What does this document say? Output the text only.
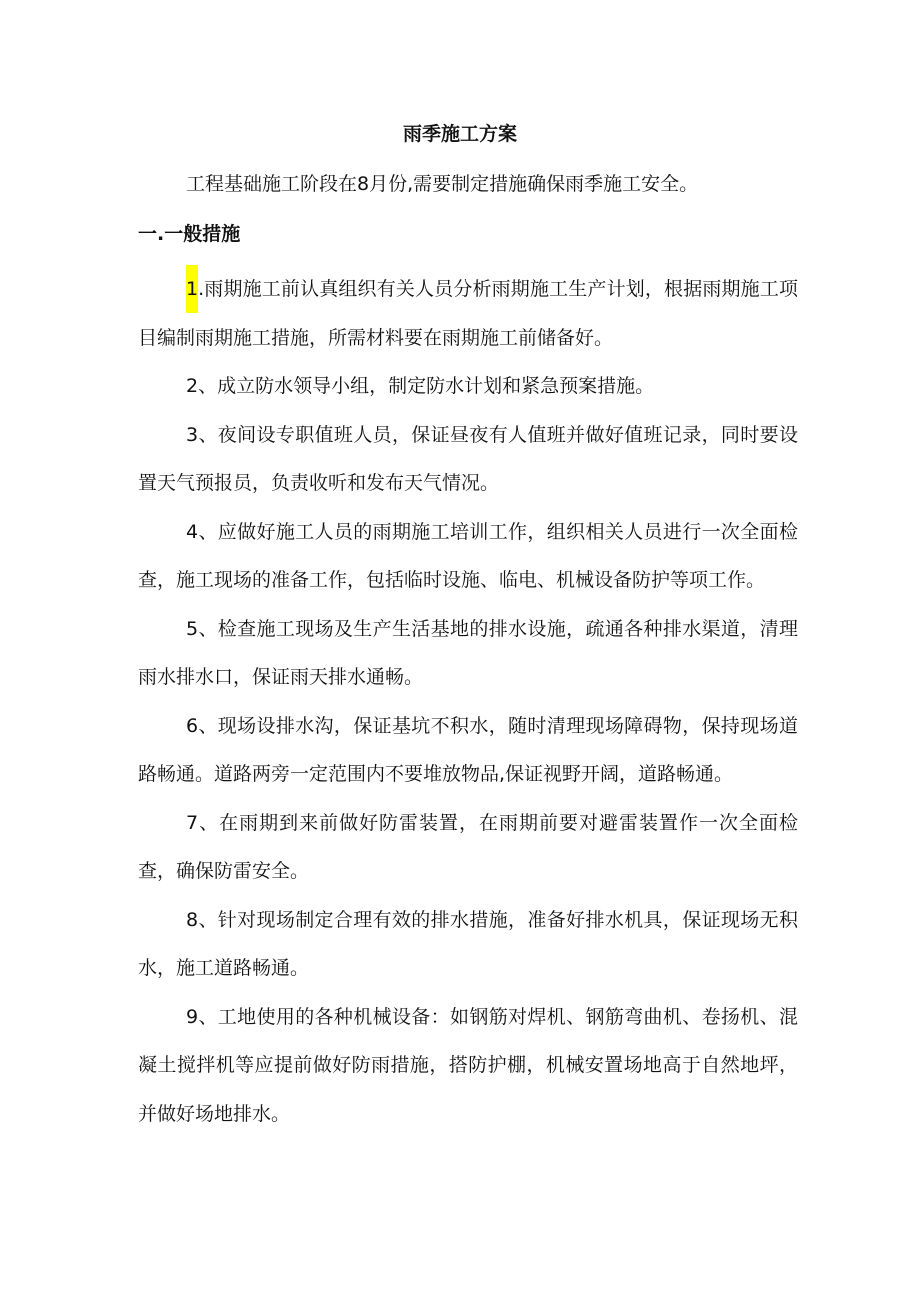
雨季施工方案

工程基础施工阶段在8月份,需要制定措施确保雨季施工安全。

一.一般措施

1.雨期施工前认真组织有关人员分析雨期施工生产计划，根据雨期施工项目编制雨期施工措施，所需材料要在雨期施工前储备好。

2、成立防水领导小组，制定防水计划和紧急预案措施。

3、夜间设专职值班人员，保证昼夜有人值班并做好值班记录，同时要设置天气预报员，负责收听和发布天气情况。

4、应做好施工人员的雨期施工培训工作，组织相关人员进行一次全面检查，施工现场的准备工作，包括临时设施、临电、机械设备防护等项工作。

5、检查施工现场及生产生活基地的排水设施，疏通各种排水渠道，清理雨水排水口，保证雨天排水通畅。

6、现场设排水沟，保证基坑不积水，随时清理现场障碍物，保持现场道路畅通。道路两旁一定范围内不要堆放物品,保证视野开阔，道路畅通。

7、在雨期到来前做好防雷装置，在雨期前要对避雷装置作一次全面检查，确保防雷安全。

8、针对现场制定合理有效的排水措施，准备好排水机具，保证现场无积水，施工道路畅通。

9、工地使用的各种机械设备：如钢筋对焊机、钢筋弯曲机、卷扬机、混凝土搅拌机等应提前做好防雨措施，搭防护棚，机械安置场地高于自然地坪，并做好场地排水。
